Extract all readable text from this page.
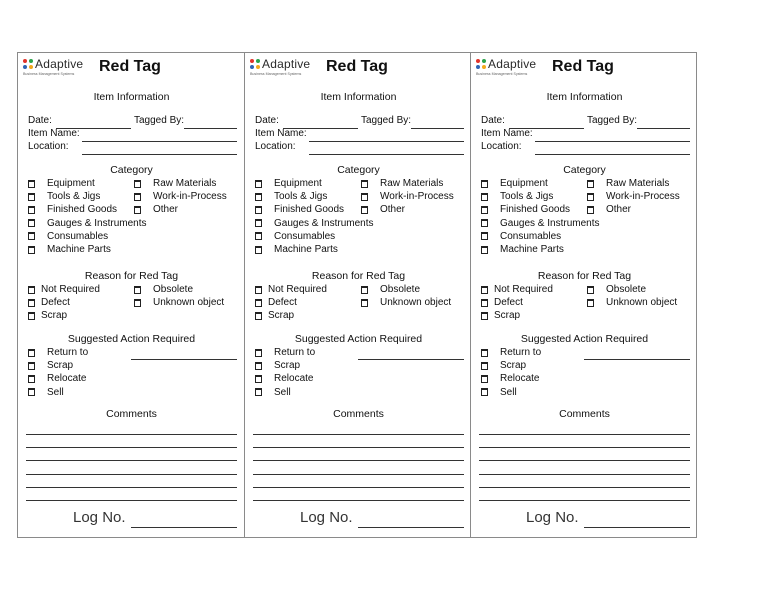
Adaptive
Business Management Systems Red Tag
Item Information
Date:	Tagged By:
Item Name:
Location:
Category
Equipment
Tools & Jigs
Finished Goods
Gauges & Instruments
Consumables
Machine Parts
Raw Materials
Work-in-Process
Other
Reason for Red Tag
Not Required
Defect
Scrap
Obsolete
Unknown object
Suggested Action Required
Return to
Scrap
Relocate
Sell
Comments
Log No.
Adaptive
Business Management Systems Red Tag
Item Information
Date:	Tagged By:
Item Name:
Location:
Category
Equipment
Tools & Jigs
Finished Goods
Gauges & Instruments
Consumables
Machine Parts
Raw Materials
Work-in-Process
Other
Reason for Red Tag
Not Required
Defect
Scrap
Obsolete
Unknown object
Suggested Action Required
Return to
Scrap
Relocate
Sell
Comments
Log No.
Adaptive
Business Management Systems Red Tag
Item Information
Date:	Tagged By:
Item Name:
Location:
Category
Equipment
Tools & Jigs
Finished Goods
Gauges & Instruments
Consumables
Machine Parts
Raw Materials
Work-in-Process
Other
Reason for Red Tag
Not Required
Defect
Scrap
Obsolete
Unknown object
Suggested Action Required
Return to
Scrap
Relocate
Sell
Comments
Log No.
